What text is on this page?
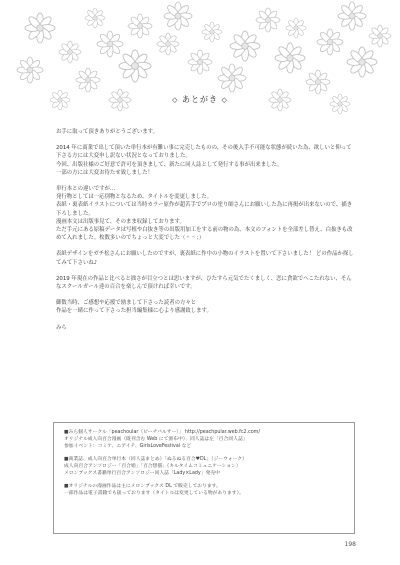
◇ あとがき ◇

お手に取って頂きありがとうございます。

2014 年に商業で出して頂いた単行本が有難い事に完売したものの、その後入手不可能な状態が続いた為、欲しいと仰って下さる方には大変申し訳ない状況となっておりました。

今回、出版社様のご好意で許可を頂きまして、新たに同人誌として発行する事が出来ました。

一部の方には大変お待たせ致しました！

単行本との違いですが…

発行物としては一応別物となるため、タイトルを変更しました。

表紙・裏表紙イラストについては当時カラー原作が超苦手でプロの塗り師さんにお願いした為に再掲が出来ないので、描き下ろしました。

漫画本文は出版事見て、そのまま収録しております。

ただ手元にある原稿データは写植や白抜き等の出版用加工をする前の物の為、本文のフォントを全部差し替え、白抜きも改めて入れました。枚数多いのでちょっと大変でした（＾＾；）

表紙デザインをガチ松さんにお願いしたのですが、裏表紙に作中の小物のイラストを置いて下さいました！ どの作品か探してみて下さいね♪

2019 年現在の作品と比べると拙さが目立つとは思いますが、ひたすら元気でたくましく、恋に貪欲でへこたれない、そんなスクールガール達の百合を楽しんで頂ければ幸いです。

御数当時、ご感想や応援で励まして下さった読者の方々と

作品を一緒に作って下さった担当編集様に心より感謝致します。

みら

■みら個人サークル「peachoular（ピーチバルサー）」 http://peachpular.web.fc2.com/

オリジナル成人向百合漫画（既刊含む Web にて頒布中）、同人誌は左「百合同人誌」

参加イベント：コミケ、エアイテ、GirlsLoveFestival など

■商業誌、成人向百合単行本（同人誌まとめ）「ぬるぬる百合♥DL」（ジーウォーク）

成人向百合アンソロジー「百合姫」「百合想描」（キルタイムコミュニケーション）

メロンブックス書籍単行百合アンソロジー同人誌「Lady×Lady」発売中

■オリジナルの漫画作品は主にメロンブックス DL で販売しております。

一部作品は電子書籍でも扱っております（タイトルは変更している物があります）。

198
